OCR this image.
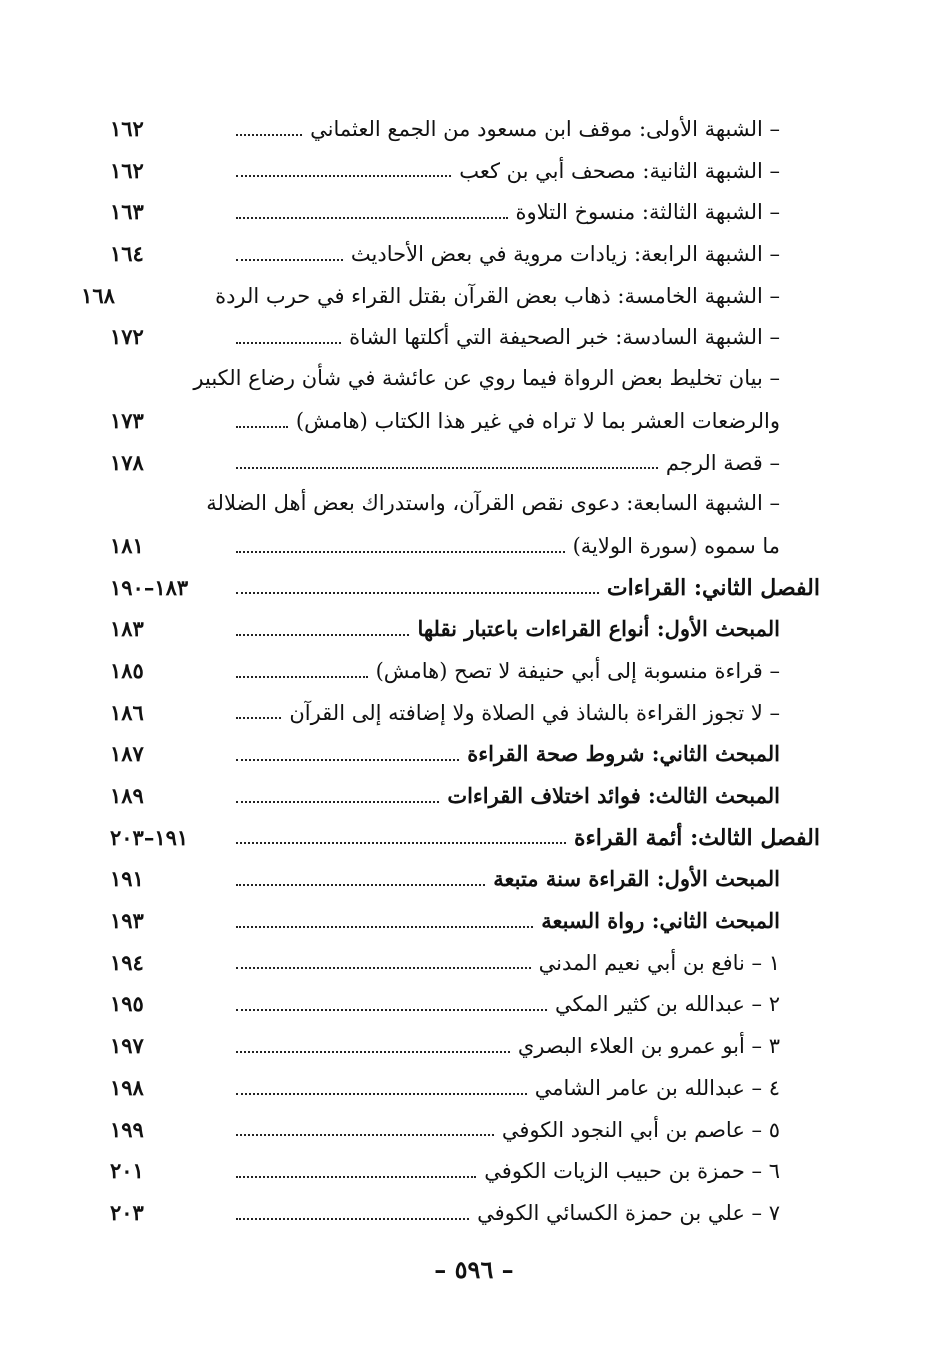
– الشبهة الأولى: موقف ابن مسعود من الجمع العثماني
١٦٢
– الشبهة الثانية: مصحف أبي بن كعب
١٦٢
– الشبهة الثالثة: منسوخ التلاوة
١٦٣
– الشبهة الرابعة: زيادات مروية في بعض الأحاديث
١٦٤
– الشبهة الخامسة: ذهاب بعض القرآن بقتل القراء في حرب الردة
١٦٨
– الشبهة السادسة: خبر الصحيفة التي أكلتها الشاة
١٧٢
– بيان تخليط بعض الرواة فيما روي عن عائشة في شأن رضاع الكبير
والرضعات العشر بما لا تراه في غير هذا الكتاب (هامش)
١٧٣
– قصة الرجم
١٧٨
– الشبهة السابعة: دعوى نقص القرآن، واستدراك بعض أهل الضلالة
ما سموه (سورة الولاية)
١٨١
الفصل الثاني: القراءات
١٨٣–١٩٠
المبحث الأول: أنواع القراءات باعتبار نقلها
١٨٣
– قراءة منسوبة إلى أبي حنيفة لا تصح (هامش)
١٨٥
– لا تجوز القراءة بالشاذ في الصلاة ولا إضافته إلى القرآن
١٨٦
المبحث الثاني: شروط صحة القراءة
١٨٧
المبحث الثالث: فوائد اختلاف القراءات
١٨٩
الفصل الثالث: أئمة القراءة
١٩١–٢٠٣
المبحث الأول: القراءة سنة متبعة
١٩١
المبحث الثاني: رواة السبعة
١٩٣
١ – نافع بن أبي نعيم المدني
١٩٤
٢ – عبدالله بن كثير المكي
١٩٥
٣ – أبو عمرو بن العلاء البصري
١٩٧
٤ – عبدالله بن عامر الشامي
١٩٨
٥ – عاصم بن أبي النجود الكوفي
١٩٩
٦ – حمزة بن حبيب الزيات الكوفي
٢٠١
٧ – علي بن حمزة الكسائي الكوفي
٢٠٣
– ٥٩٦ –
